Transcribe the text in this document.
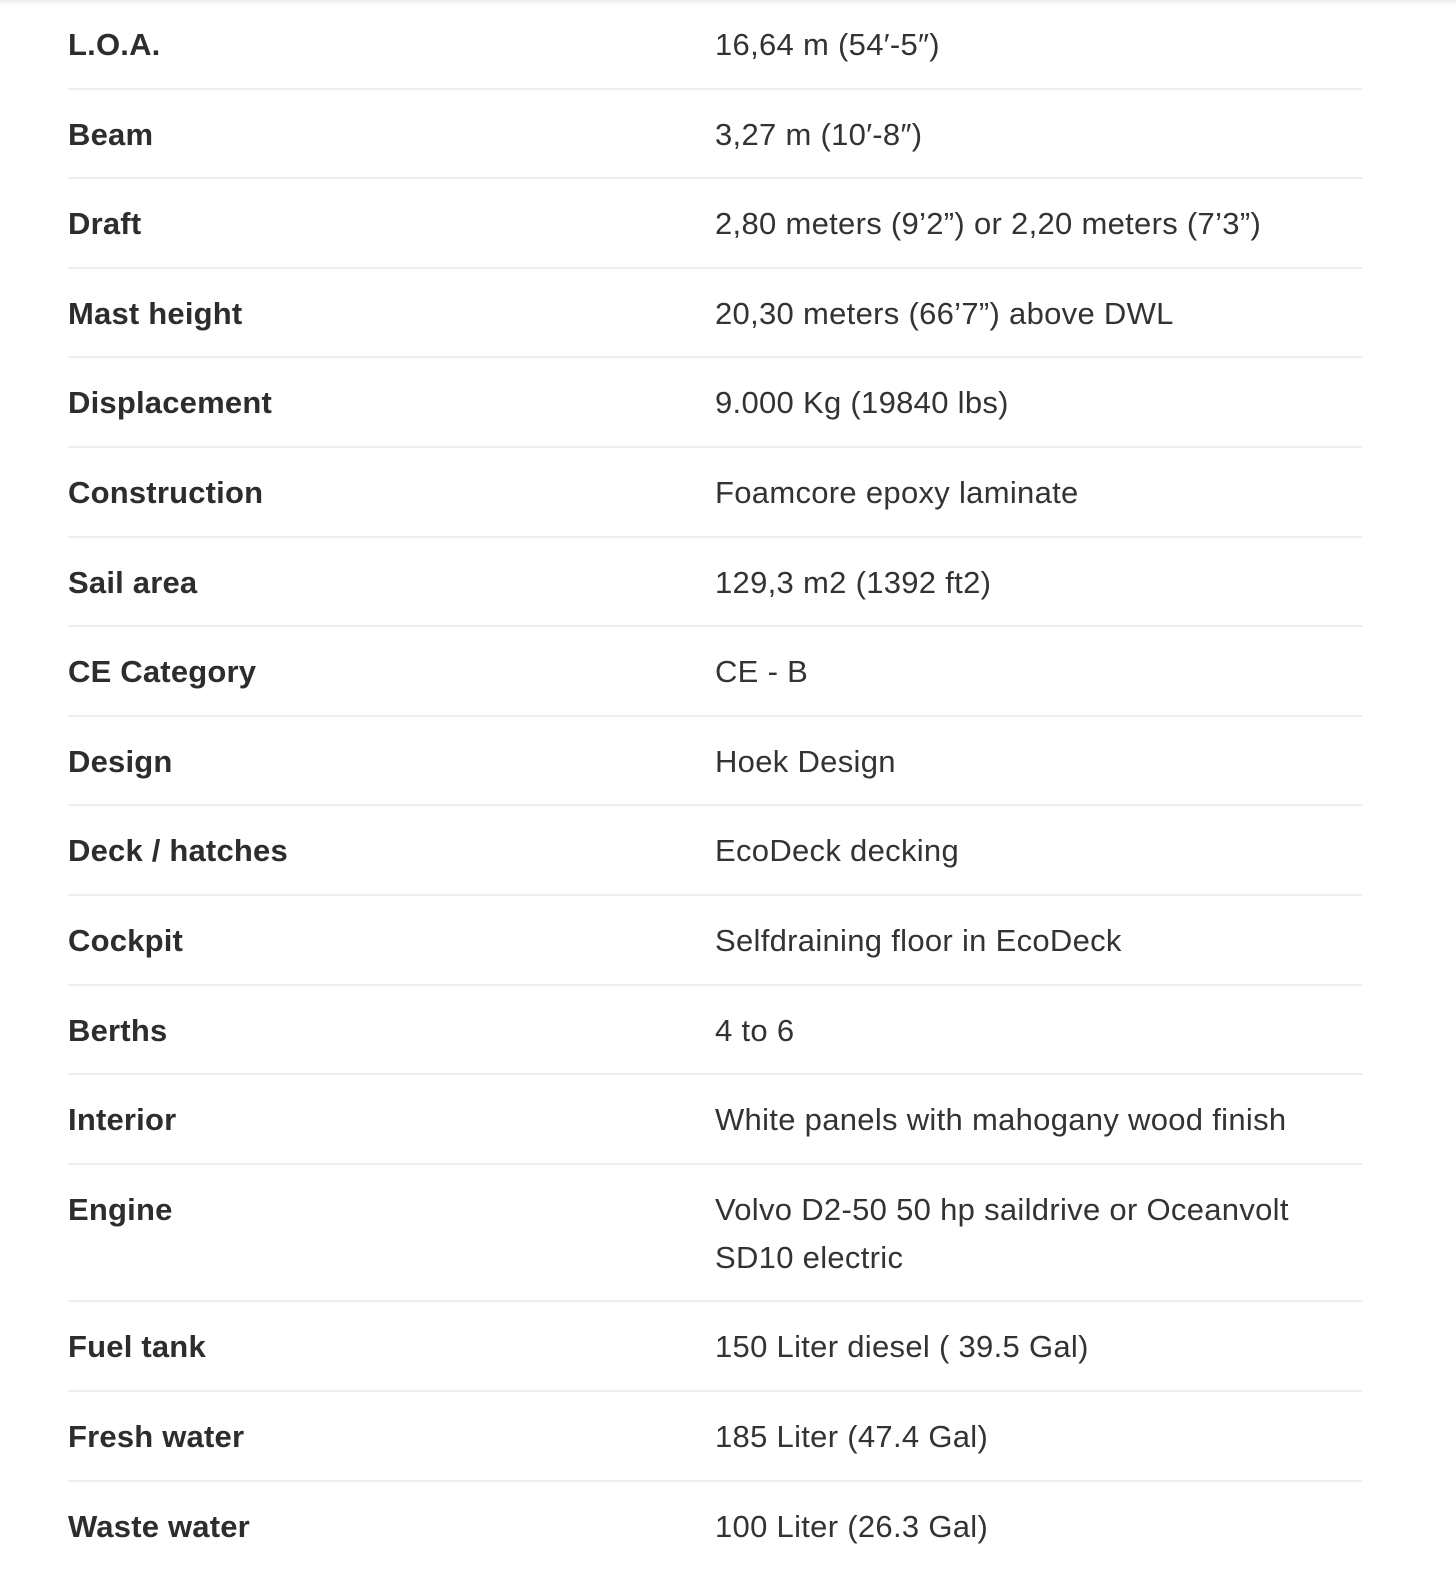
L.O.A.	16,64 m (54′-5″)
Beam	3,27 m (10′-8″)
Draft	2,80 meters (9’2”) or 2,20 meters (7’3”)
Mast height	20,30 meters (66’7”) above DWL
Displacement	9.000 Kg (19840 lbs)
Construction	Foamcore epoxy laminate
Sail area	129,3 m2 (1392 ft2)
CE Category	CE - B
Design	Hoek Design
Deck / hatches	EcoDeck decking
Cockpit	Selfdraining floor in EcoDeck
Berths	4 to 6
Interior	White panels with mahogany wood finish
Engine	Volvo D2-50 50 hp saildrive or Oceanvolt SD10 electric
Fuel tank	150 Liter diesel ( 39.5 Gal)
Fresh water	185 Liter (47.4 Gal)
Waste water	100 Liter (26.3 Gal)
